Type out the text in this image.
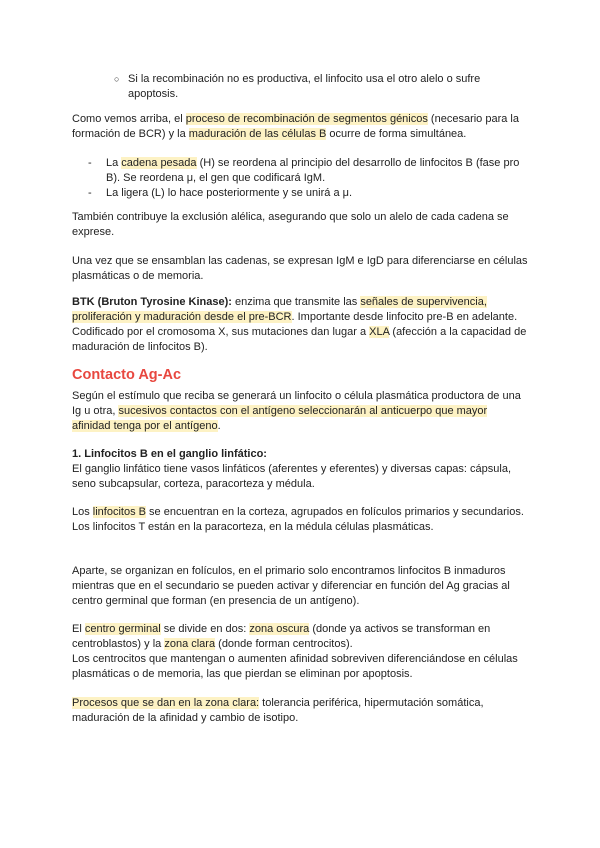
○ Si la recombinación no es productiva, el linfocito usa el otro alelo o sufre apoptosis.

Como vemos arriba, el proceso de recombinación de segmentos génicos (necesario para la formación de BCR) y la maduración de las células B ocurre de forma simultánea.

- La cadena pesada (H) se reordena al principio del desarrollo de linfocitos B (fase pro B). Se reordena μ, el gen que codificará IgM.
- La ligera (L) lo hace posteriormente y se unirá a μ.

También contribuye la exclusión alélica, asegurando que solo un alelo de cada cadena se exprese.

Una vez que se ensamblan las cadenas, se expresan IgM e IgD para diferenciarse en células plasmáticas o de memoria.

BTK (Bruton Tyrosine Kinase): enzima que transmite las señales de supervivencia, proliferación y maduración desde el pre-BCR. Importante desde linfocito pre-B en adelante. Codificado por el cromosoma X, sus mutaciones dan lugar a XLA (afección a la capacidad de maduración de linfocitos B).

Contacto Ag-Ac

Según el estímulo que reciba se generará un linfocito o célula plasmática productora de una Ig u otra, sucesivos contactos con el antígeno seleccionarán al anticuerpo que mayor afinidad tenga por el antígeno.

1. Linfocitos B en el ganglio linfático:

El ganglio linfático tiene vasos linfáticos (aferentes y eferentes) y diversas capas: cápsula, seno subcapsular, corteza, paracorteza y médula.

Los linfocitos B se encuentran en la corteza, agrupados en folículos primarios y secundarios.

Los linfocitos T están en la paracorteza, en la médula células plasmáticas.

Aparte, se organizan en folículos, en el primario solo encontramos linfocitos B inmaduros mientras que en el secundario se pueden activar y diferenciar en función del Ag gracias al centro germinal que forman (en presencia de un antígeno).

El centro germinal se divide en dos: zona oscura (donde ya activos se transforman en centroblastos) y la zona clara (donde forman centrocitos).

Los centrocitos que mantengan o aumenten afinidad sobreviven diferenciándose en células plasmáticas o de memoria, las que pierdan se eliminan por apoptosis.

Procesos que se dan en la zona clara: tolerancia periférica, hipermutación somática, maduración de la afinidad y cambio de isotipo.
